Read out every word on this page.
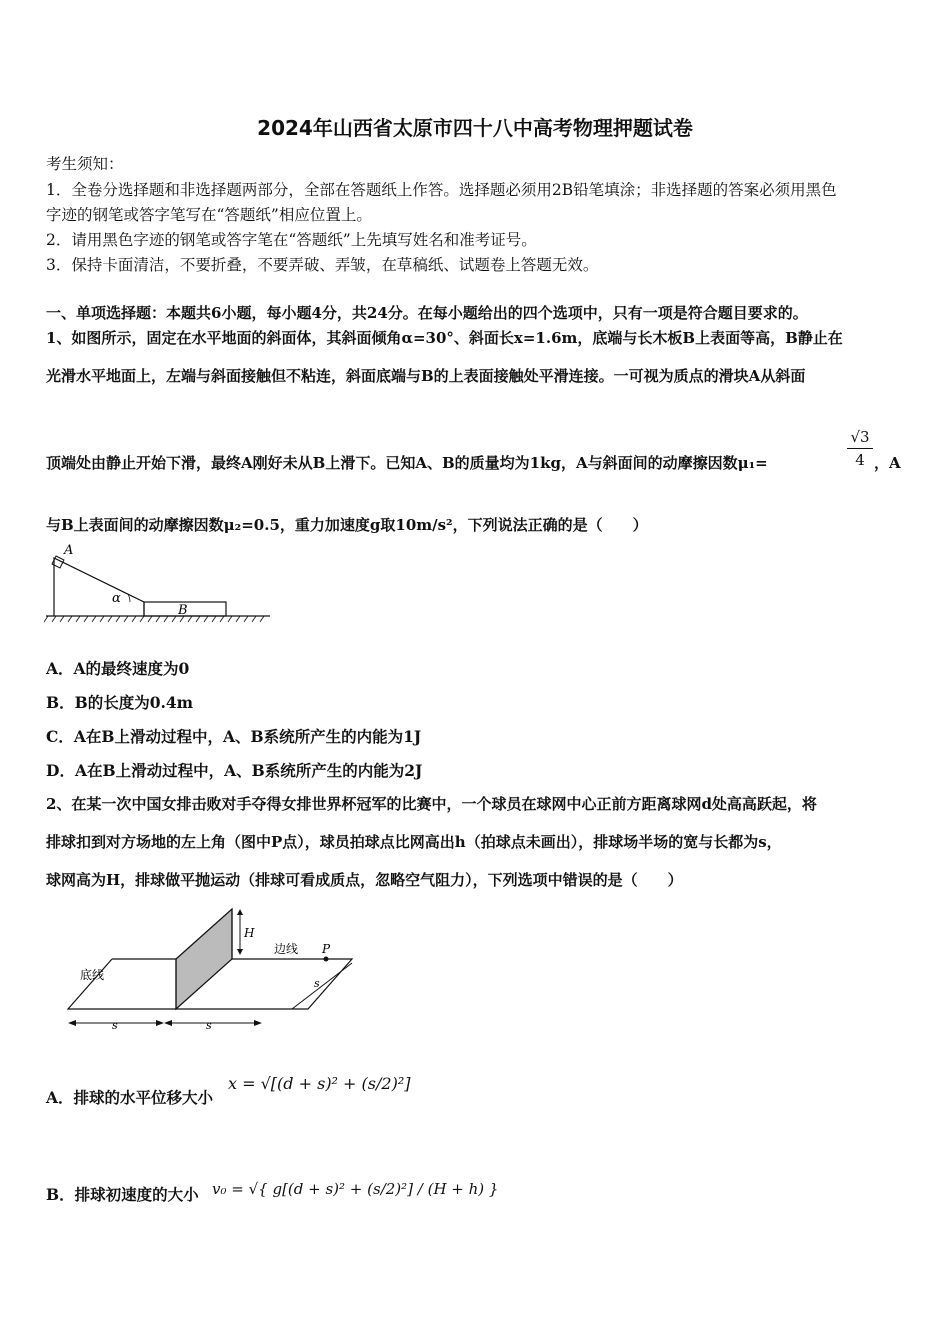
2024年山西省太原市四十八中高考物理押题试卷
考生须知：
1．全卷分选择题和非选择题两部分，全部在答题纸上作答。选择题必须用2B铅笔填涂；非选择题的答案必须用黑色
字迹的钢笔或答字笔写在“答题纸”相应位置上。
2．请用黑色字迹的钢笔或答字笔在“答题纸”上先填写姓名和准考证号。
3．保持卡面清洁，不要折叠，不要弄破、弄皱，在草稿纸、试题卷上答题无效。
一、单项选择题：本题共6小题，每小题4分，共24分。在每小题给出的四个选项中，只有一项是符合题目要求的。
1、如图所示，固定在水平地面的斜面体，其斜面倾角α=30°、斜面长x=1.6m，底端与长木板B上表面等高，B静止在
光滑水平地面上，左端与斜面接触但不粘连，斜面底端与B的上表面接触处平滑连接。一可视为质点的滑块A从斜面
顶端处由静止开始下滑，最终A刚好未从B上滑下。已知A、B的质量均为1kg，A与斜面间的动摩擦因数μ₁=	$\frac{√3}{4}$ ，A
与B上表面间的动摩擦因数μ₂=0.5，重力加速度g取10m/s²，下列说法正确的是（　　）
A
B
α
A．A的最终速度为0
B．B的长度为0.4m
C．A在B上滑动过程中，A、B系统所产生的内能为1J
D．A在B上滑动过程中，A、B系统所产生的内能为2J
2、在某一次中国女排击败对手夺得女排世界杯冠军的比赛中，一个球员在球网中心正前方距离球网d处高高跃起，将
排球扣到对方场地的左上角（图中P点），球员拍球点比网高出h（拍球点未画出），排球场半场的宽与长都为s，
球网高为H，排球做平抛运动（排球可看成质点，忽略空气阻力），下列选项中错误的是（　　）
H
边线 P
底线
s
s	s
A．排球的水平位移大小
x = √[(d + s)² + (s/2)²]
B．排球初速度的大小 v₀ = √{ g[(d + s)² + (s/2)²] / (H + h) }
